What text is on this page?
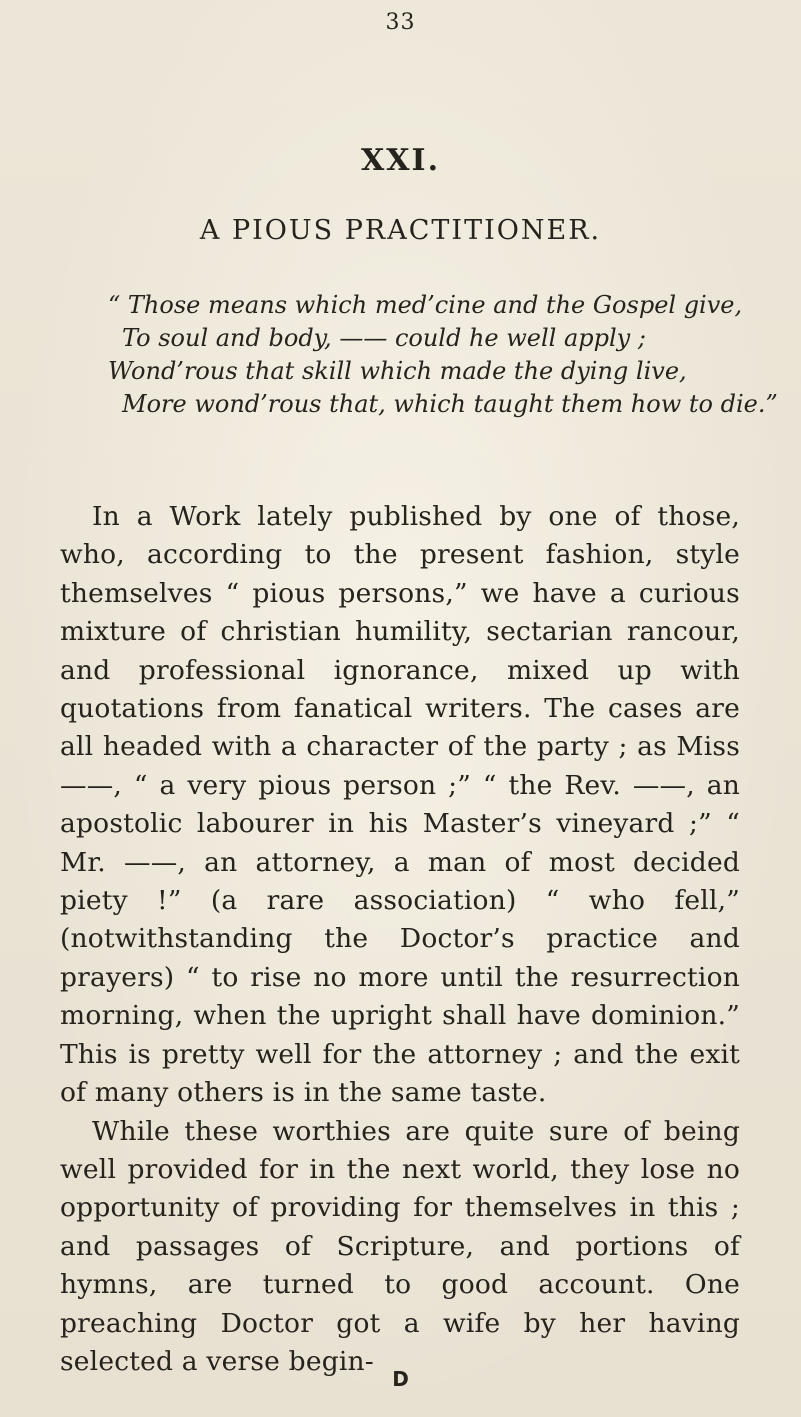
33
XXI.
A PIOUS PRACTITIONER.
“ Those means which med’cine and the Gospel give,
To soul and body, —— could he well apply ;
Wond’rous that skill which made the dying live,
More wond’rous that, which taught them how to die.”

In a Work lately published by one of those, who, according to the present fashion, style themselves “ pious persons,” we have a curious mixture of christian humility, sectarian rancour, and professional ignorance, mixed up with quotations from fanatical writers. The cases are all headed with a character of the party ; as Miss ——, “ a very pious person ;” “ the Rev. ——, an apostolic labourer in his Master’s vineyard ;” “ Mr. ——, an attorney, a man of most decided piety !” (a rare association) “ who fell,” (notwithstanding the Doctor’s practice and prayers) “ to rise no more until the resurrection morning, when the upright shall have dominion.” This is pretty well for the attorney ; and the exit of many others is in the same taste.

While these worthies are quite sure of being well provided for in the next world, they lose no opportunity of providing for themselves in this ; and passages of Scripture, and portions of hymns, are turned to good account. One preaching Doctor got a wife by her having selected a verse begin-

D
